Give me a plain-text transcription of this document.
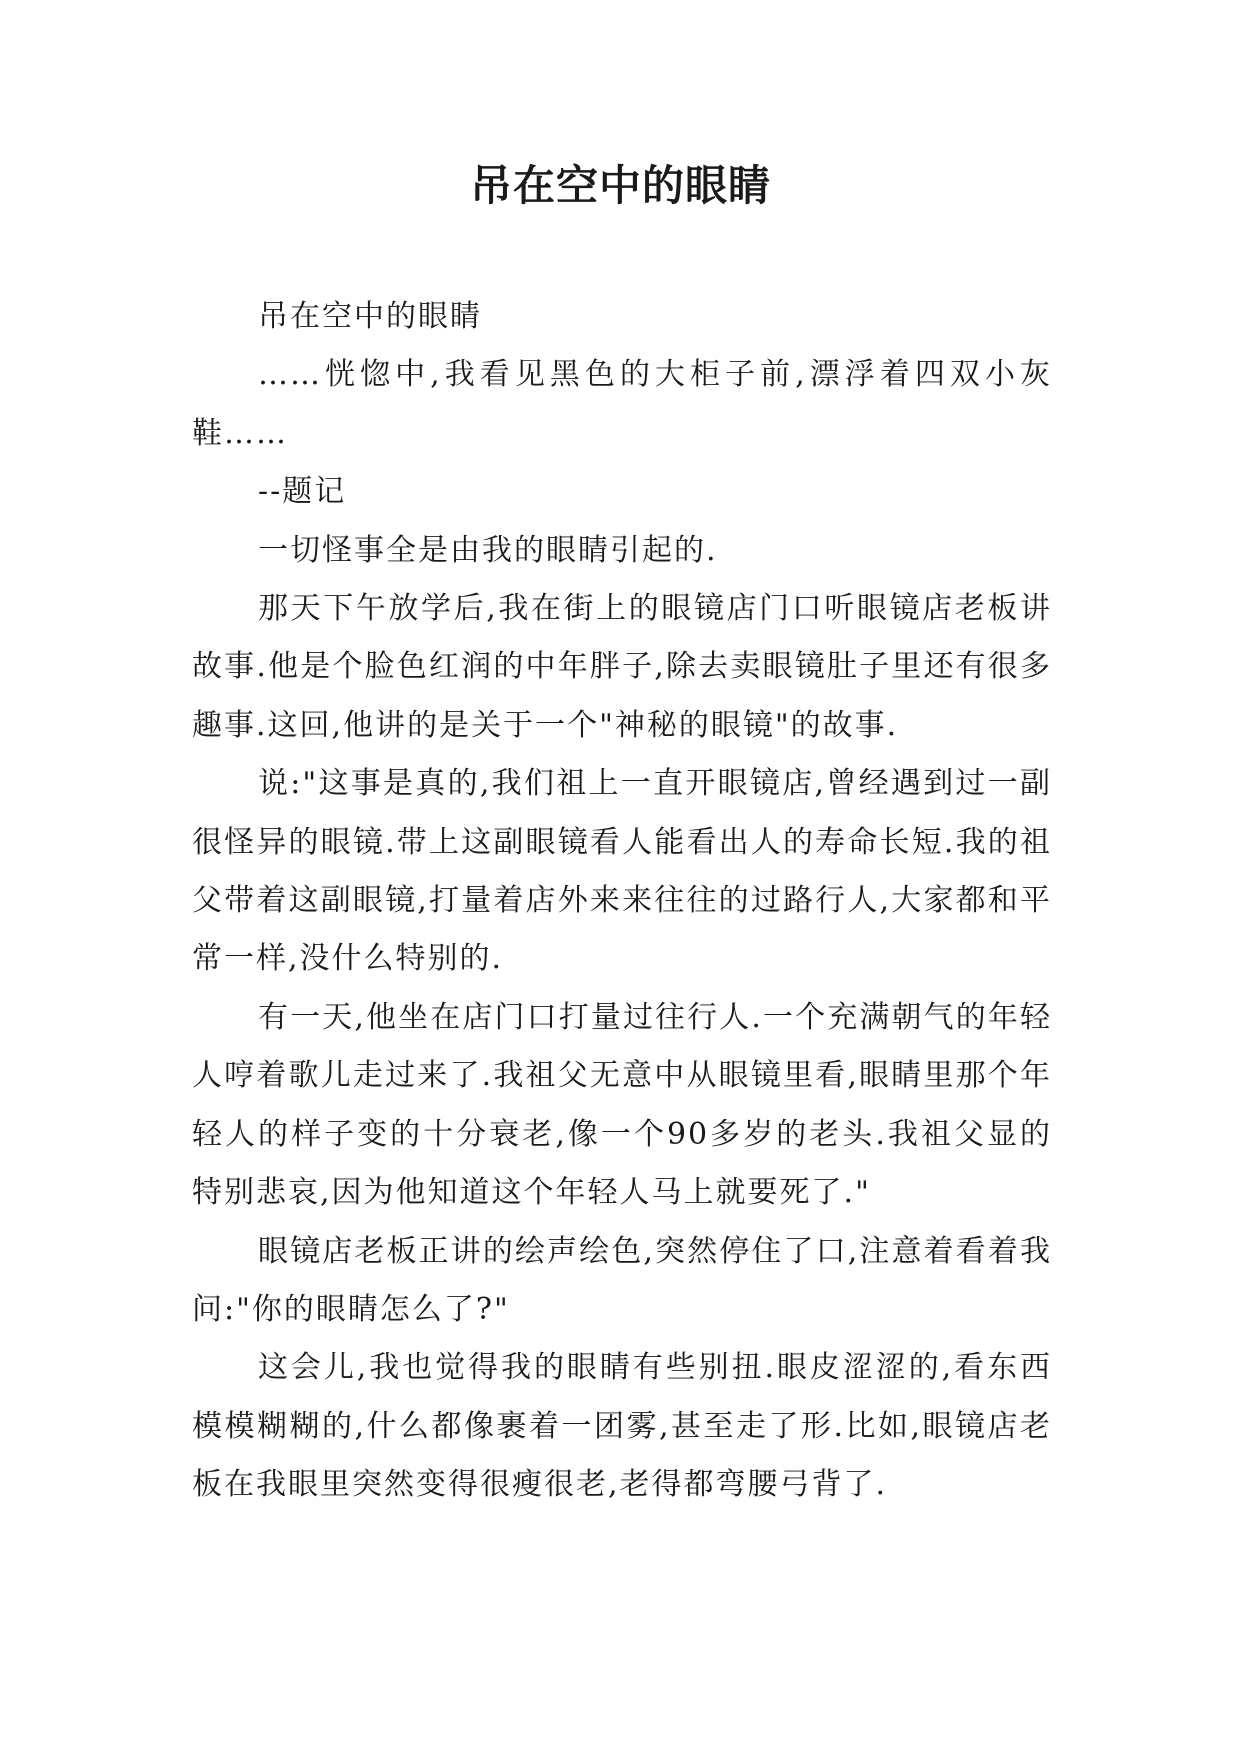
吊在空中的眼睛

吊在空中的眼睛

……恍惚中,我看见黑色的大柜子前,漂浮着四双小灰鞋……

--题记

一切怪事全是由我的眼睛引起的.

那天下午放学后,我在街上的眼镜店门口听眼镜店老板讲故事.他是个脸色红润的中年胖子,除去卖眼镜肚子里还有很多趣事.这回,他讲的是关于一个"神秘的眼镜"的故事.

说:"这事是真的,我们祖上一直开眼镜店,曾经遇到过一副很怪异的眼镜.带上这副眼镜看人能看出人的寿命长短.我的祖父带着这副眼镜,打量着店外来来往往的过路行人,大家都和平常一样,没什么特别的.

有一天,他坐在店门口打量过往行人.一个充满朝气的年轻人哼着歌儿走过来了.我祖父无意中从眼镜里看,眼睛里那个年轻人的样子变的十分衰老,像一个90多岁的老头.我祖父显的特别悲哀,因为他知道这个年轻人马上就要死了."

眼镜店老板正讲的绘声绘色,突然停住了口,注意着看着我问:"你的眼睛怎么了?"

这会儿,我也觉得我的眼睛有些别扭.眼皮涩涩的,看东西模模糊糊的,什么都像裹着一团雾,甚至走了形.比如,眼镜店老板在我眼里突然变得很瘦很老,老得都弯腰弓背了.
